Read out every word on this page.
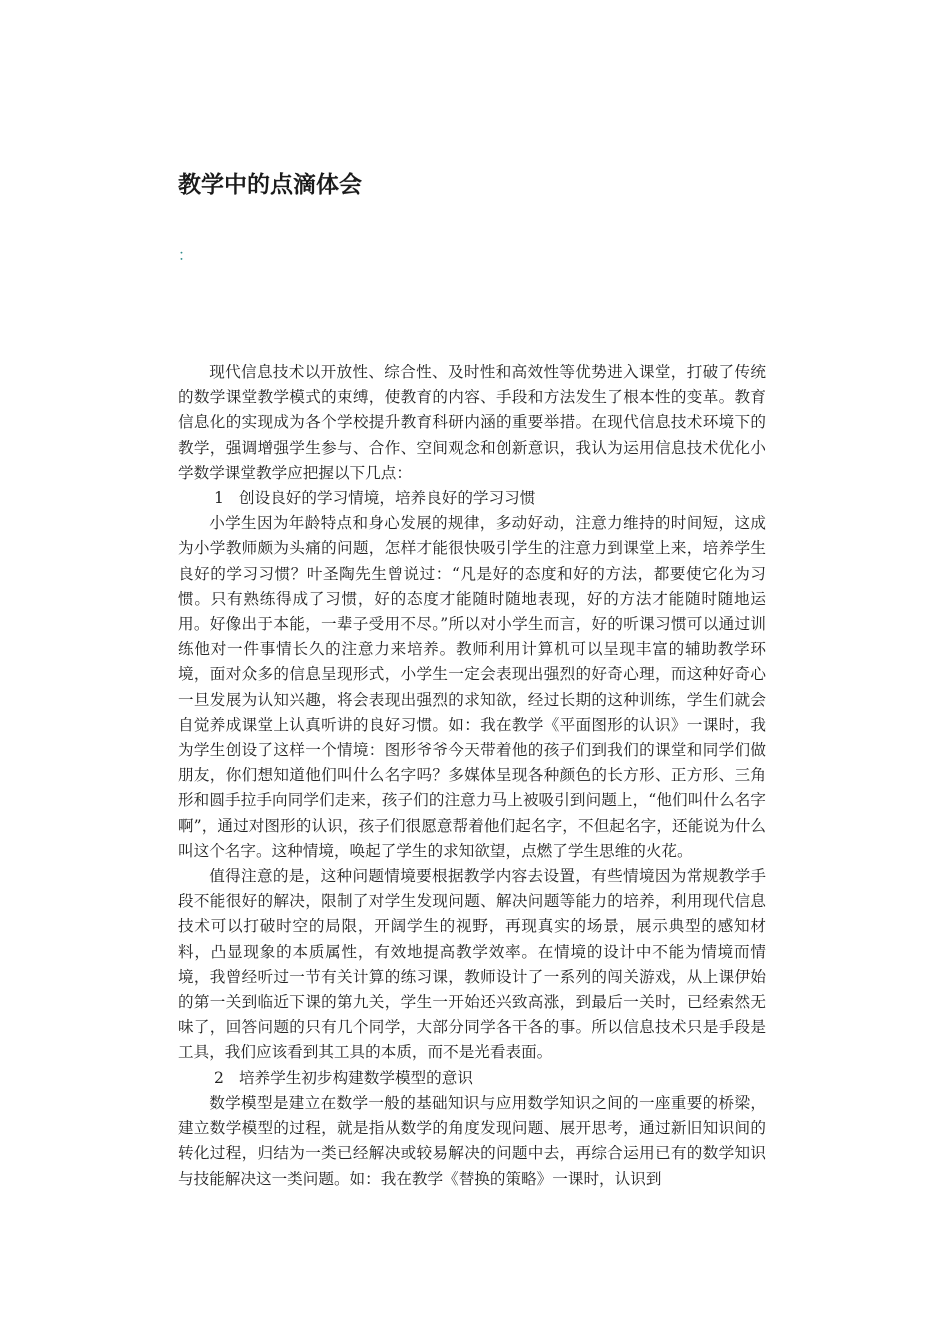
教学中的点滴体会
：

现代信息技术以开放性、综合性、及时性和高效性等优势进入课堂，打破了传统的数学课堂教学模式的束缚，使教育的内容、手段和方法发生了根本性的变革。教育信息化的实现成为各个学校提升教育科研内涵的重要举措。在现代信息技术环境下的教学，强调增强学生参与、合作、空间观念和创新意识，我认为运用信息技术优化小学数学课堂教学应把握以下几点：

1 创设良好的学习情境，培养良好的学习习惯

小学生因为年龄特点和身心发展的规律，多动好动，注意力维持的时间短，这成为小学教师颇为头痛的问题，怎样才能很快吸引学生的注意力到课堂上来，培养学生良好的学习习惯？叶圣陶先生曾说过：“凡是好的态度和好的方法，都要使它化为习惯。只有熟练得成了习惯，好的态度才能随时随地表现，好的方法才能随时随地运用。好像出于本能，一辈子受用不尽。”所以对小学生而言，好的听课习惯可以通过训练他对一件事情长久的注意力来培养。教师利用计算机可以呈现丰富的辅助教学环境，面对众多的信息呈现形式，小学生一定会表现出强烈的好奇心理，而这种好奇心一旦发展为认知兴趣，将会表现出强烈的求知欲，经过长期的这种训练，学生们就会自觉养成课堂上认真听讲的良好习惯。如：我在教学《平面图形的认识》一课时，我为学生创设了这样一个情境：图形爷爷今天带着他的孩子们到我们的课堂和同学们做朋友，你们想知道他们叫什么名字吗？多媒体呈现各种颜色的长方形、正方形、三角形和圆手拉手向同学们走来，孩子们的注意力马上被吸引到问题上，“他们叫什么名字啊”，通过对图形的认识，孩子们很愿意帮着他们起名字，不但起名字，还能说为什么叫这个名字。这种情境，唤起了学生的求知欲望，点燃了学生思维的火花。

值得注意的是，这种问题情境要根据教学内容去设置，有些情境因为常规教学手段不能很好的解决，限制了对学生发现问题、解决问题等能力的培养，利用现代信息技术可以打破时空的局限，开阔学生的视野，再现真实的场景，展示典型的感知材料，凸显现象的本质属性，有效地提高教学效率。在情境的设计中不能为情境而情境，我曾经听过一节有关计算的练习课，教师设计了一系列的闯关游戏，从上课伊始的第一关到临近下课的第九关，学生一开始还兴致高涨，到最后一关时，已经索然无味了，回答问题的只有几个同学，大部分同学各干各的事。所以信息技术只是手段是工具，我们应该看到其工具的本质，而不是光看表面。

2 培养学生初步构建数学模型的意识

数学模型是建立在数学一般的基础知识与应用数学知识之间的一座重要的桥梁，建立数学模型的过程，就是指从数学的角度发现问题、展开思考，通过新旧知识间的转化过程，归结为一类已经解决或较易解决的问题中去，再综合运用已有的数学知识与技能解决这一类问题。如：我在教学《替换的策略》一课时，认识到
